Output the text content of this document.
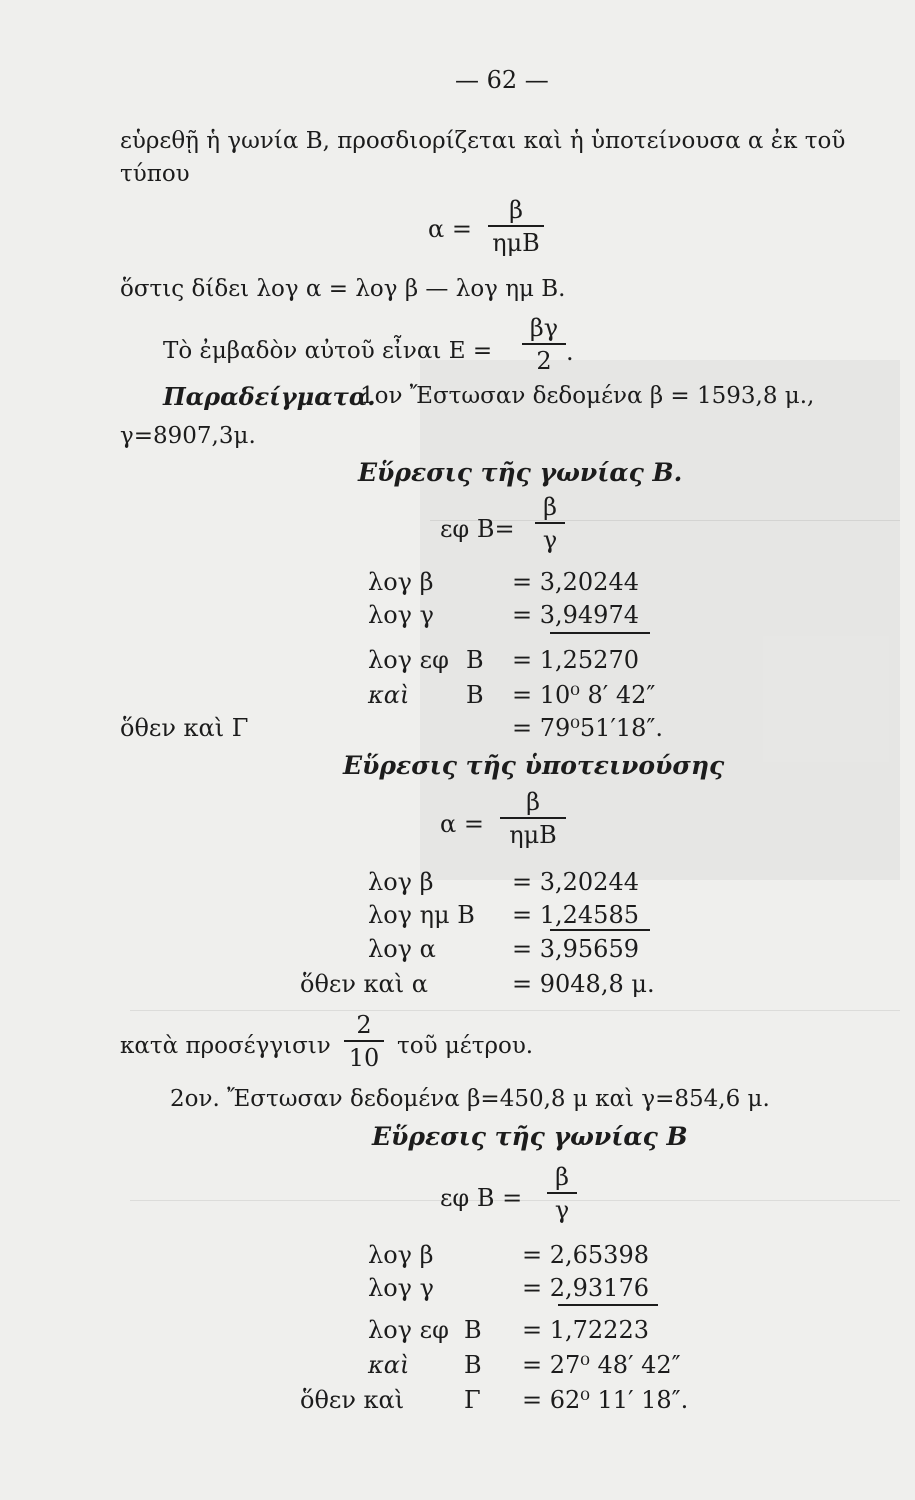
— 62 —
εὑρεθῇ ἡ γωνία Β, προσδιορίζεται καὶ ἡ ὑποτείνουσα α ἐκ τοῦ
τύπου
α =
β
ημΒ
ὅστις δίδει λογ α = λογ β — λογ ημ Β.
Τὸ ἐμβαδὸν αὐτοῦ εἶναι Ε =
βγ
2 .
Παραδείγματα.
1ον Ἔστωσαν δεδομένα β = 1593,8 μ.,
γ=8907,3μ.
Εὕρεσις τῆς γωνίας Β.
εφ Β=
β
γ
λογ β	= 3,20244
λογ γ	= 3,94974
λογ εφ Β = 1,25270
καὶ Β = 10⁰ 8′ 42″
ὅθεν καὶ Γ	= 79⁰51′18″.
Εὕρεσις τῆς ὑποτεινούσης
α =
β
ημΒ
λογ β	= 3,20244
λογ ημ Β = 1,24585
λογ α	= 3,95659
ὅθεν καὶ α	= 9048,8 μ.
κατὰ προσέγγισιν
2
10 τοῦ μέτρου.
2ον. Ἔστωσαν δεδομένα β=450,8 μ καὶ γ=854,6 μ.
Εὕρεσις τῆς γωνίας Β
εφ Β =
β
γ
λογ β	= 2,65398
λογ γ	= 2,93176
λογ εφ Β = 1,72223
καὶ Β = 27⁰ 48′ 42″
ὅθεν καὶ Γ = 62⁰ 11′ 18″.
